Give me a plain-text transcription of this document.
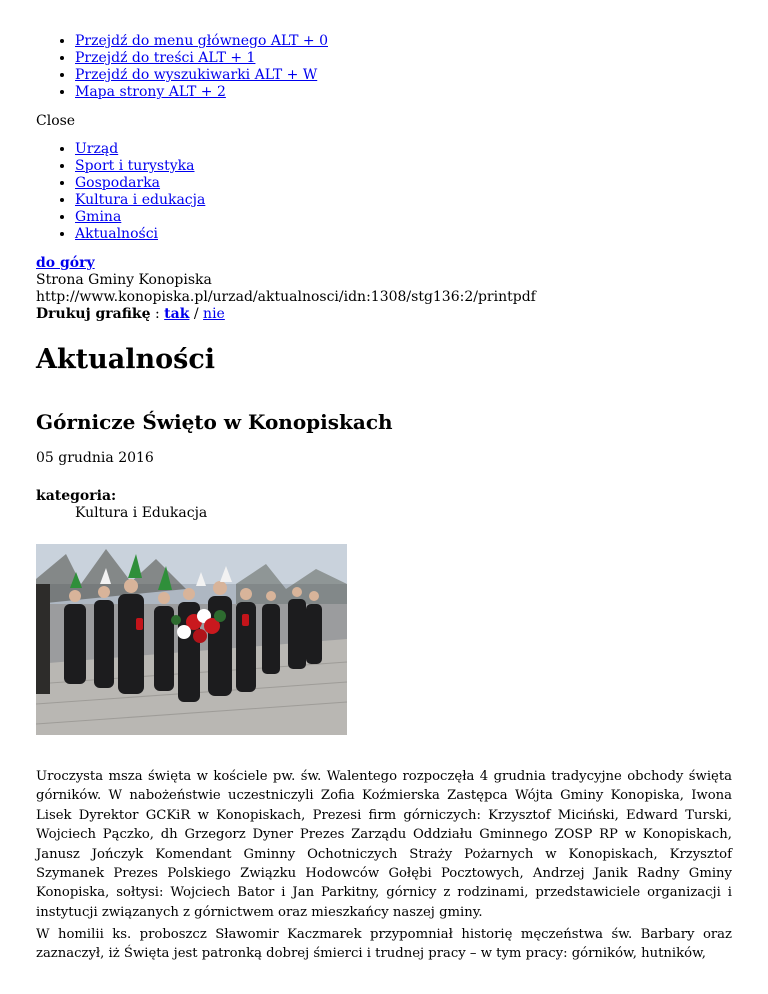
• Przejdź do menu głównego ALT + 0
• Przejdź do treści ALT + 1
• Przejdź do wyszukiwarki ALT + W
• Mapa strony ALT + 2
Close
• Urząd
• Sport i turystyka
• Gospodarka
• Kultura i edukacja
• Gmina
• Aktualności
do góry
Strona Gminy Konopiska
http://www.konopiska.pl/urzad/aktualnosci/idn:1308/stg136:2/printpdf
Drukuj grafikę : tak / nie
Aktualności
Górnicze Święto w Konopiskach
05 grudnia 2016
kategoria:
Kultura i Edukacja

Uroczysta msza święta w kościele pw. św. Walentego rozpoczęła 4 grudnia tradycyjne obchody święta górników. W nabożeństwie uczestniczyli Zofia Koźmierska Zastępca Wójta Gminy Konopiska, Iwona Lisek Dyrektor GCKiR w Konopiskach, Prezesi firm górniczych: Krzysztof Miciński, Edward Turski, Wojciech Pączko, dh Grzegorz Dyner Prezes Zarządu Oddziału Gminnego ZOSP RP w Konopiskach, Janusz Jończyk Komendant Gminny Ochotniczych Straży Pożarnych w Konopiskach, Krzysztof Szymanek Prezes Polskiego Związku Hodowców Gołębi Pocztowych, Andrzej Janik Radny Gminy Konopiska, sołtysi: Wojciech Bator i Jan Parkitny, górnicy z rodzinami, przedstawiciele organizacji i instytucji związanych z górnictwem oraz mieszkańcy naszej gminy.

W homilii ks. proboszcz Sławomir Kaczmarek przypomniał historię męczeństwa św. Barbary oraz zaznaczył, iż Święta jest patronką dobrej śmierci i trudnej pracy – w tym pracy: górników, hutników,
